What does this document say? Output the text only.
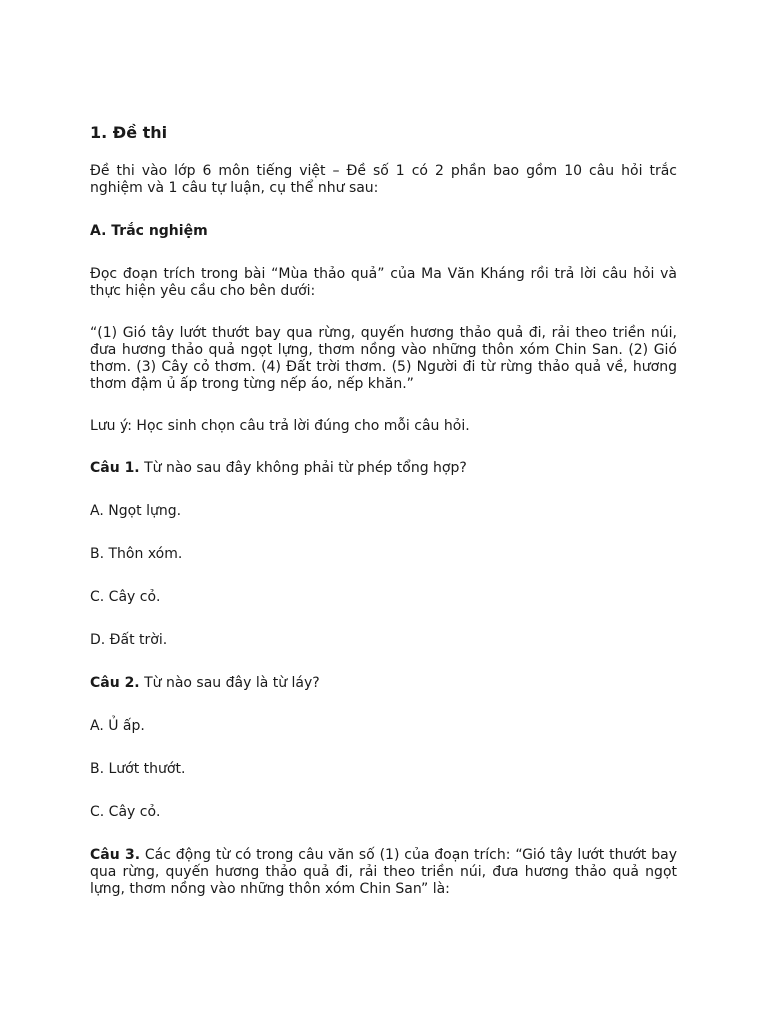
1. Đề thi

Đề thi vào lớp 6 môn tiếng việt – Đề số 1 có 2 phần bao gồm 10 câu hỏi trắc nghiệm và 1 câu tự luận, cụ thể như sau:

A. Trắc nghiệm

Đọc đoạn trích trong bài “Mùa thảo quả” của Ma Văn Kháng rồi trả lời câu hỏi và thực hiện yêu cầu cho bên dưới:

“(1) Gió tây lướt thướt bay qua rừng, quyến hương thảo quả đi, rải theo triền núi, đưa hương thảo quả ngọt lựng, thơm nồng vào những thôn xóm Chin San. (2) Gió thơm. (3) Cây cỏ thơm. (4) Đất trời thơm. (5) Người đi từ rừng thảo quả về, hương thơm đậm ủ ấp trong từng nếp áo, nếp khăn.”

Lưu ý: Học sinh chọn câu trả lời đúng cho mỗi câu hỏi.

Câu 1. Từ nào sau đây không phải từ phép tổng hợp?

A. Ngọt lựng.

B. Thôn xóm.

C. Cây cỏ.

D. Đất trời.

Câu 2. Từ nào sau đây là từ láy?

A. Ủ ấp.

B. Lướt thướt.

C. Cây cỏ.

Câu 3. Các động từ có trong câu văn số (1) của đoạn trích: “Gió tây lướt thướt bay qua rừng, quyến hương thảo quả đi, rải theo triền núi, đưa hương thảo quả ngọt lựng, thơm nồng vào những thôn xóm Chin San” là:
